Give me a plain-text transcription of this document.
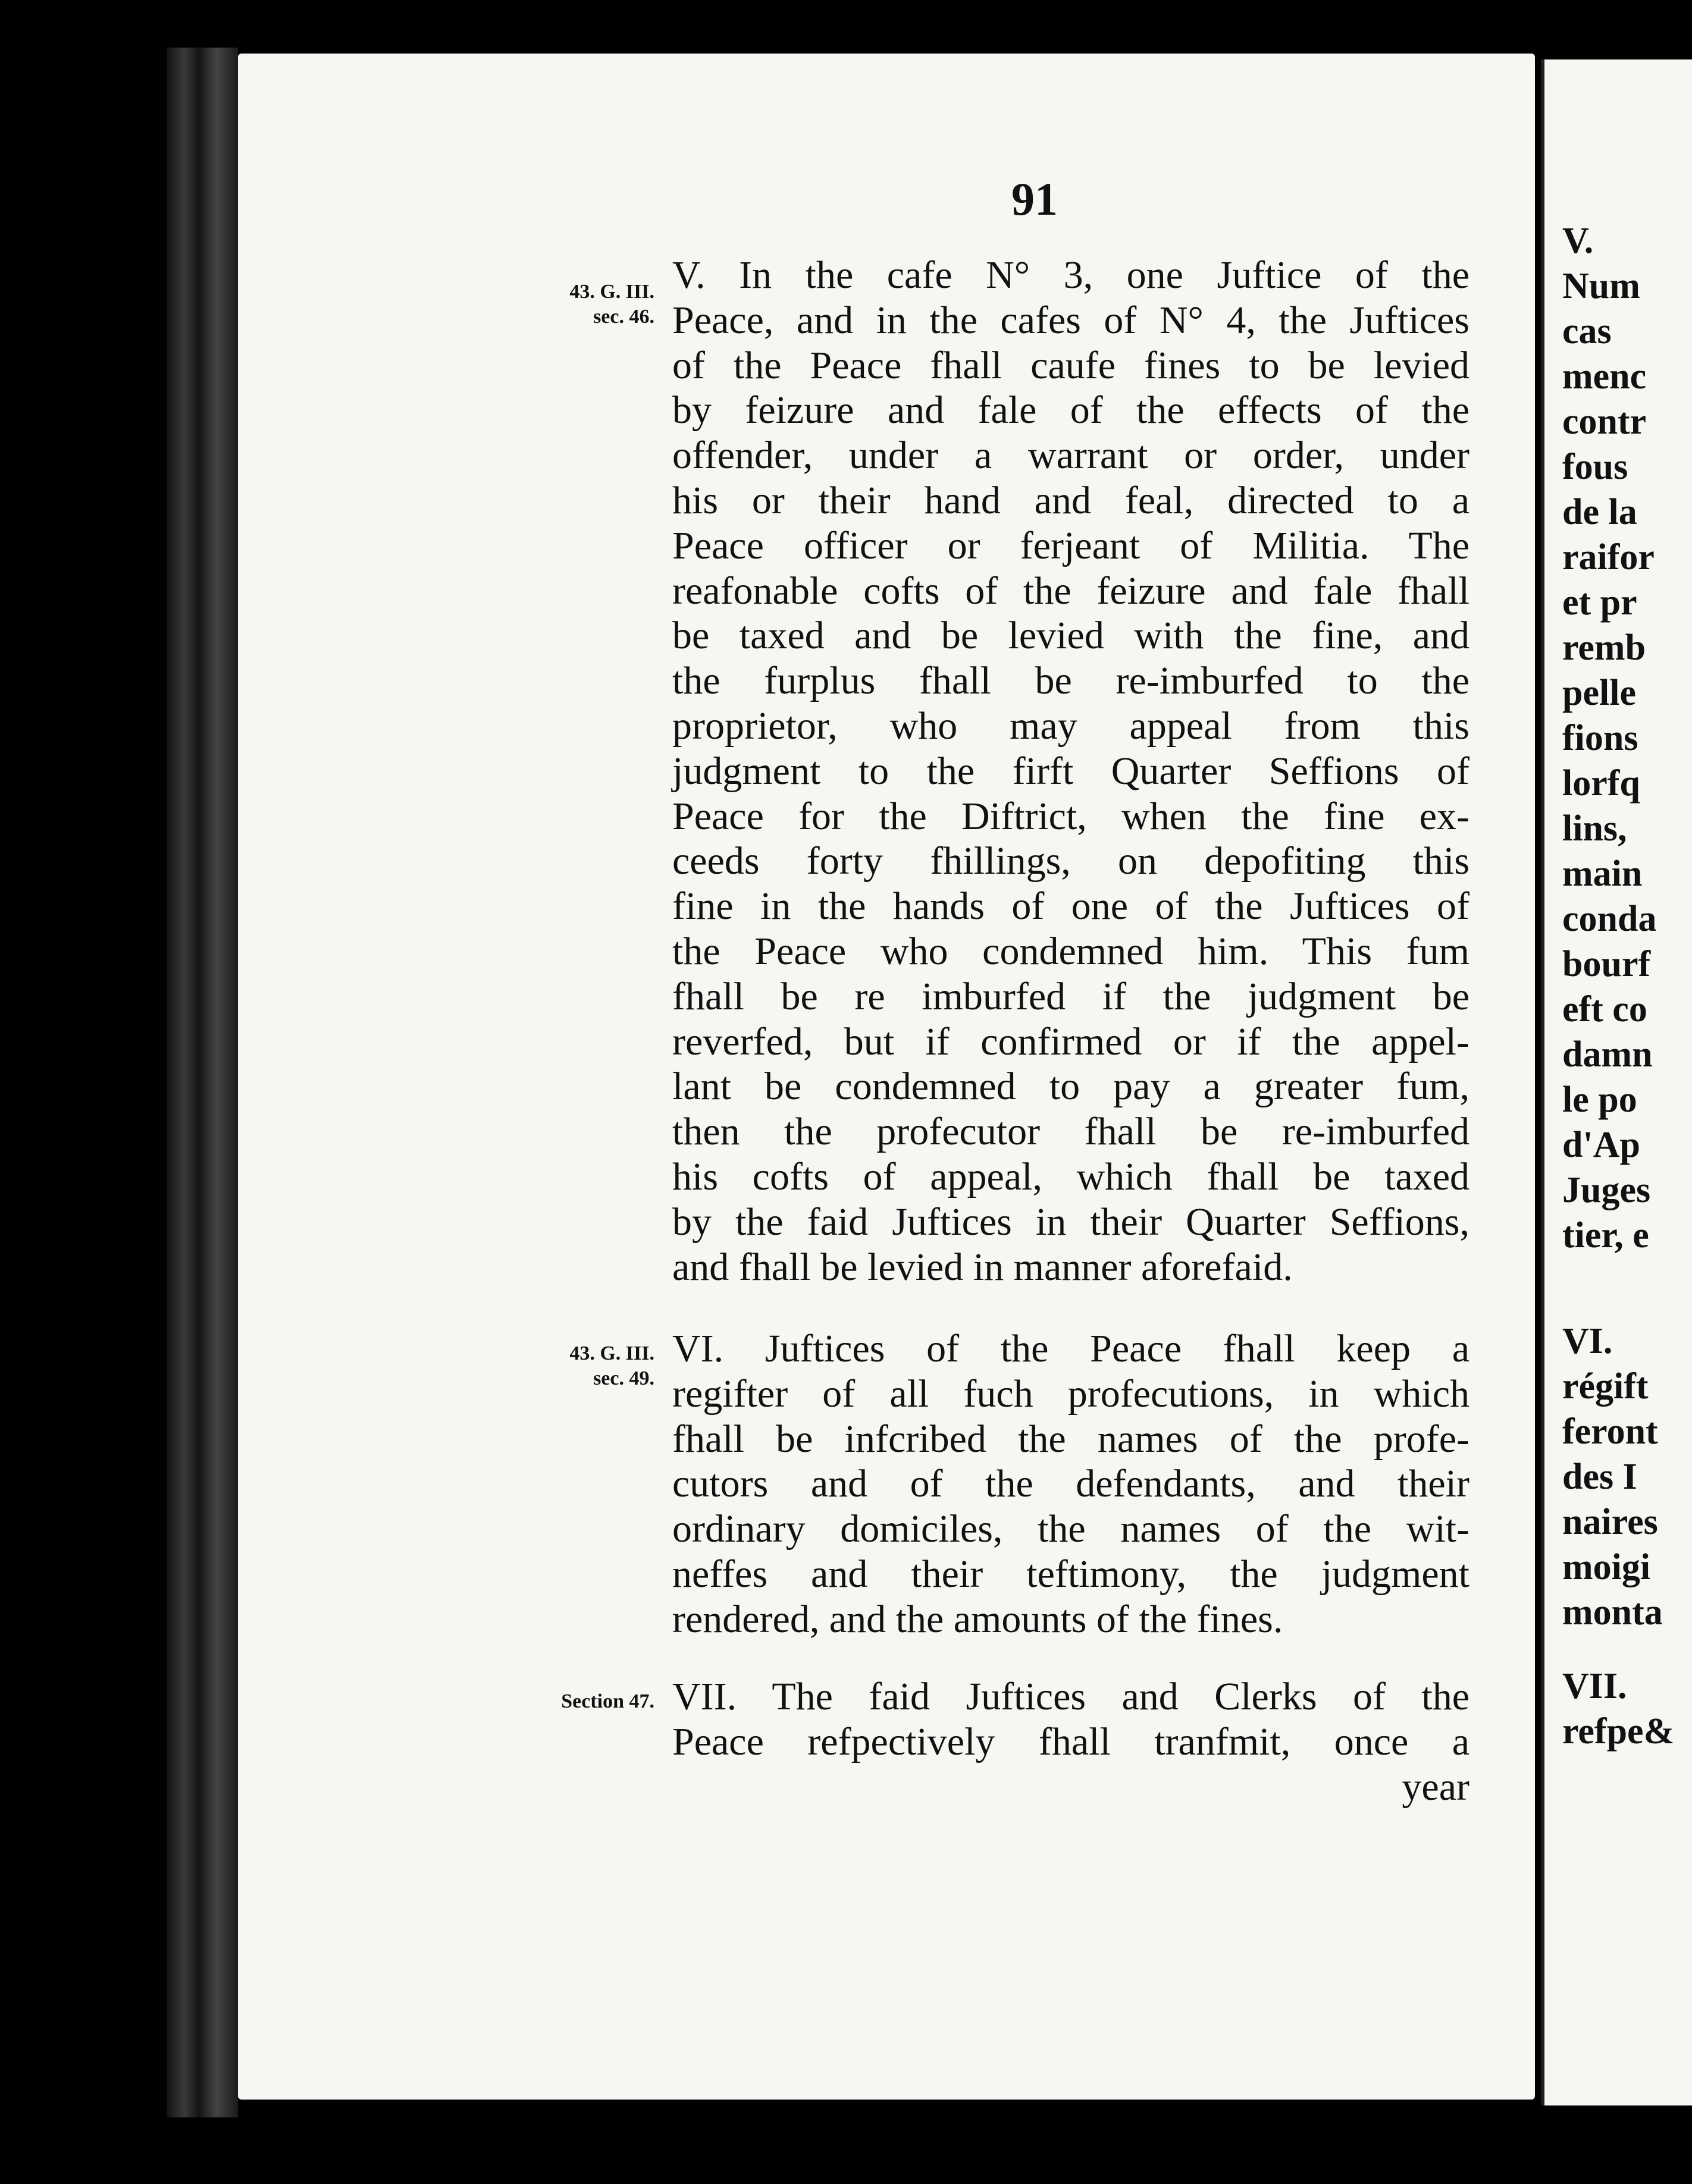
91
43. G. III.
sec. 46.
V. In the cafe N° 3, one Juftice of the
Peace, and in the cafes of N° 4, the Juftices
of the Peace fhall caufe fines to be levied
by feizure and fale of the effects of the
offender, under a warrant or order, under
his or their hand and feal, directed to a
Peace officer or ferjeant of Militia. The
reafonable cofts of the feizure and fale fhall
be taxed and be levied with the fine, and
the furplus fhall be re-imburfed to the
proprietor, who may appeal from this
judgment to the firft Quarter Seffions of
Peace for the Diftrict, when the fine ex-
ceeds forty fhillings, on depofiting this
fine in the hands of one of the Juftices of
the Peace who condemned him. This fum
fhall be re imburfed if the judgment be
reverfed, but if confirmed or if the appel-
lant be condemned to pay a greater fum,
then the profecutor fhall be re-imburfed
his cofts of appeal, which fhall be taxed
by the faid Juftices in their Quarter Seffions,
and fhall be levied in manner aforefaid.
43. G. III.
sec. 49.
VI. Juftices of the Peace fhall keep a
regifter of all fuch profecutions, in which
fhall be infcribed the names of the profe-
cutors and of the defendants, and their
ordinary domiciles, the names of the wit-
neffes and their teftimony, the judgment
rendered, and the amounts of the fines.
Section 47. VII. The faid Juftices and Clerks of the
Peace refpectively fhall tranfmit, once a
year
V.
Num
cas
menc
contr
fous
de la
raifor
et pr
remb
pelle
fions
lorfq
lins,
main
conda
bourf
eft co
damn
le po
d'Ap
Juges
tier, e
VI.
régift
feront
des I
naires
moigi
monta
VII.
refpe&
